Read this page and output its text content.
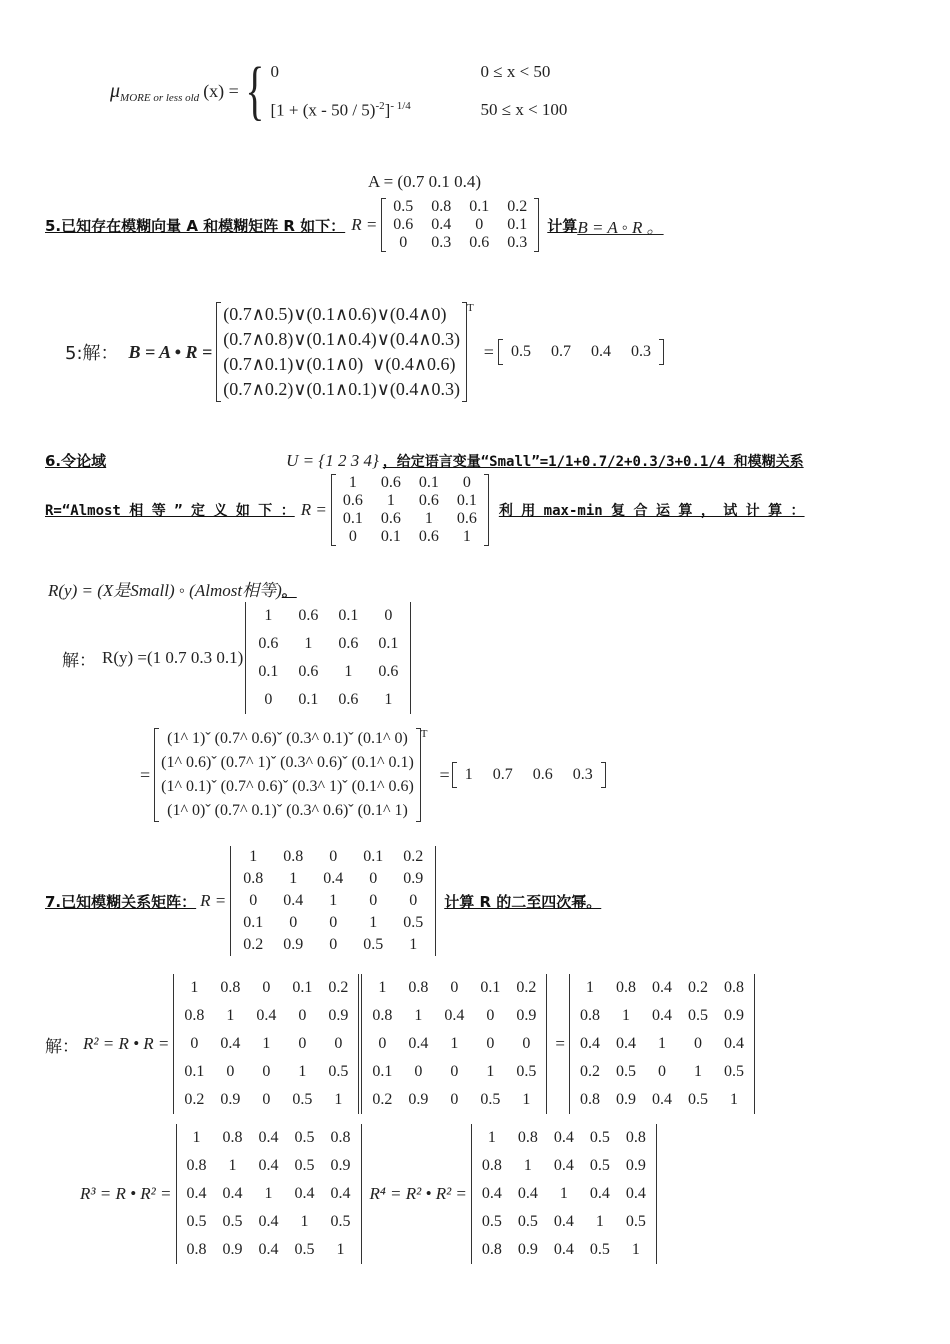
μ MORE or less old (x) = { 0	0 ≤ x < 50
$[1 + (x - 50 / 5)^{-2}]^{- 1/4}$	50 ≤ x < 100
A = (0.7 0.1 0.4)
5.已知存在模糊向量 A 和模糊矩阵 R 如下： R =
0.5	0.8	0.1	0.2
0.6	0.4	0	0.1
0	0.3	0.6	0.3
计算 B = A ◦ R 。
5:解： B = A • R =
(0.7∧0.5)∨(0.1∧0.6)∨(0.4∧0)
(0.7∧0.8)∨(0.1∧0.4)∨(0.4∧0.3)
(0.7∧0.1)∨(0.1∧0)  ∨(0.4∧0.6)
(0.7∧0.2)∨(0.1∧0.1)∨(0.4∧0.3)
$^T$
= 0.5	0.7	0.4	0.3
6.令论域	U = {1 2 3 4} ，给定语言变量“Small”=1/1+0.7/2+0.3/3+0.1/4 和模糊关系
R=“Almost 相 等 ” 定 义 如 下 ： R =
1	0.6	0.1	0
0.6	1	0.6	0.1
0.1	0.6	1	0.6
0	0.1	0.6	1
利 用 max-min 复 合 运 算 ， 试 计 算 ：
R(y) = (X是Small) ◦ (Almost相等)。
解： R(y) =(1 0.7 0.3 0.1)
1	0.6	0.1	0
0.6	1	0.6	0.1
0.1	0.6	1	0.6
0	0.1	0.6	1
=
(1^ 1)ˇ (0.7^ 0.6)ˇ (0.3^ 0.1)ˇ (0.1^ 0)
(1^ 0.6)ˇ (0.7^ 1)ˇ (0.3^ 0.6)ˇ (0.1^ 0.1)
(1^ 0.1)ˇ (0.7^ 0.6)ˇ (0.3^ 1)ˇ (0.1^ 0.6)
(1^ 0)ˇ (0.7^ 0.1)ˇ (0.3^ 0.6)ˇ (0.1^ 1)
$^T$
= 1	0.7	0.6	0.3
7.已知模糊关系矩阵： R =
1	0.8	0	0.1	0.2
0.8	1	0.4	0	0.9
0	0.4	1	0	0
0.1	0	0	1	0.5
0.2	0.9	0	0.5	1
计算 R 的二至四次幂。
解： R² = R • R =
1	0.8	0	0.1	0.2
0.8	1	0.4	0	0.9
0	0.4	1	0	0
0.1	0	0	1	0.5
0.2	0.9	0	0.5	1
1	0.8	0	0.1	0.2
0.8	1	0.4	0	0.9
0	0.4	1	0	0
0.1	0	0	1	0.5
0.2	0.9	0	0.5	1
=
1	0.8	0.4	0.2	0.8
0.8	1	0.4	0.5	0.9
0.4	0.4	1	0	0.4
0.2	0.5	0	1	0.5
0.8	0.9	0.4	0.5	1
R³ = R • R² =
1	0.8	0.4	0.5	0.8
0.8	1	0.4	0.5	0.9
0.4	0.4	1	0.4	0.4
0.5	0.5	0.4	1	0.5
0.8	0.9	0.4	0.5	1
R⁴ = R² • R² =
1	0.8	0.4	0.5	0.8
0.8	1	0.4	0.5	0.9
0.4	0.4	1	0.4	0.4
0.5	0.5	0.4	1	0.5
0.8	0.9	0.4	0.5	1
